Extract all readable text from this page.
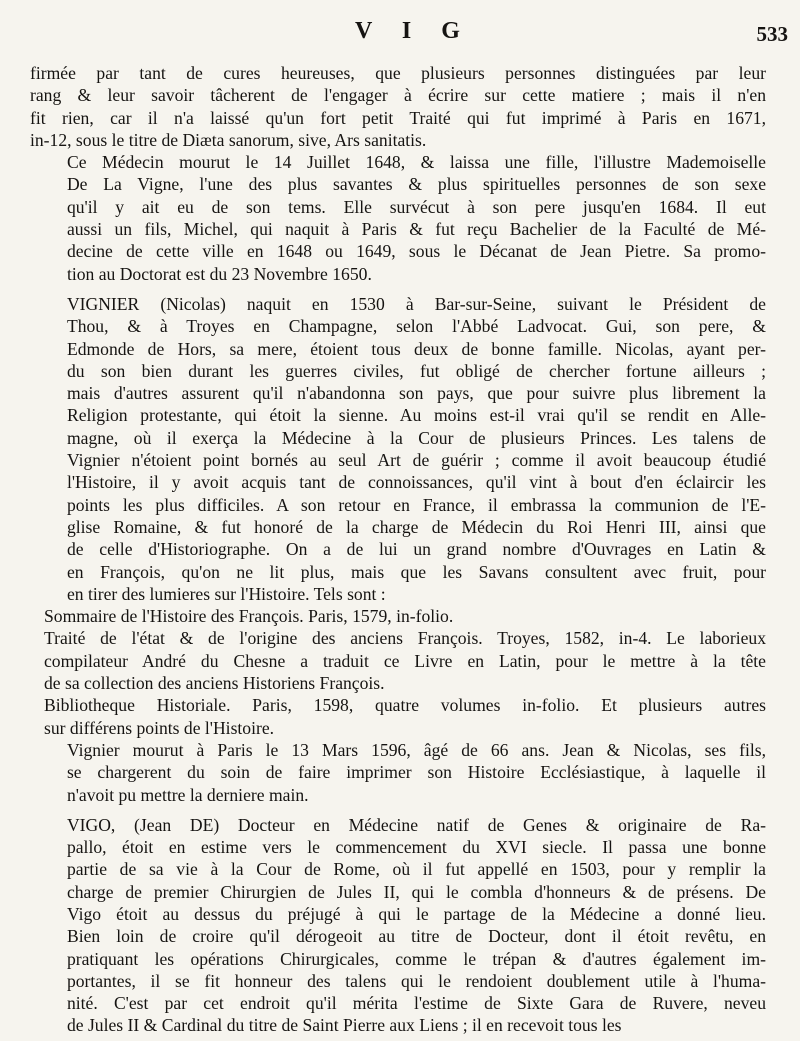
V I G	533

firmée par tant de cures heureuses, que plusieurs personnes distinguées par leur
rang & leur savoir tâcherent de l'engager à écrire sur cette matiere ; mais il n'en
fit rien, car il n'a laissé qu'un fort petit Traité qui fut imprimé à Paris en 1671,
in-12, sous le titre de Diæta sanorum, sive, Ars sanitatis.

Ce Médecin mourut le 14 Juillet 1648, & laissa une fille, l'illustre Mademoiselle
De La Vigne, l'une des plus savantes & plus spirituelles personnes de son sexe
qu'il y ait eu de son tems. Elle survécut à son pere jusqu'en 1684. Il eut
aussi un fils, Michel, qui naquit à Paris & fut reçu Bachelier de la Faculté de Mé-
decine de cette ville en 1648 ou 1649, sous le Décanat de Jean Pietre. Sa promo-
tion au Doctorat est du 23 Novembre 1650.

VIGNIER (Nicolas) naquit en 1530 à Bar-sur-Seine, suivant le Président de
Thou, & à Troyes en Champagne, selon l'Abbé Ladvocat. Gui, son pere, &
Edmonde de Hors, sa mere, étoient tous deux de bonne famille. Nicolas, ayant per-
du son bien durant les guerres civiles, fut obligé de chercher fortune ailleurs ;
mais d'autres assurent qu'il n'abandonna son pays, que pour suivre plus librement la
Religion protestante, qui étoit la sienne. Au moins est-il vrai qu'il se rendit en Alle-
magne, où il exerça la Médecine à la Cour de plusieurs Princes. Les talens de
Vignier n'étoient point bornés au seul Art de guérir ; comme il avoit beaucoup étudié
l'Histoire, il y avoit acquis tant de connoissances, qu'il vint à bout d'en éclaircir les
points les plus difficiles. A son retour en France, il embrassa la communion de l'E-
glise Romaine, & fut honoré de la charge de Médecin du Roi Henri III, ainsi que
de celle d'Historiographe. On a de lui un grand nombre d'Ouvrages en Latin &
en François, qu'on ne lit plus, mais que les Savans consultent avec fruit, pour
en tirer des lumieres sur l'Histoire. Tels sont :

Sommaire de l'Histoire des François. Paris, 1579, in-folio.

Traité de l'état & de l'origine des anciens François. Troyes, 1582, in-4. Le laborieux
compilateur André du Chesne a traduit ce Livre en Latin, pour le mettre à la tête
de sa collection des anciens Historiens François.

Bibliotheque Historiale. Paris, 1598, quatre volumes in-folio. Et plusieurs autres
sur différens points de l'Histoire.

Vignier mourut à Paris le 13 Mars 1596, âgé de 66 ans. Jean & Nicolas, ses fils,
se chargerent du soin de faire imprimer son Histoire Ecclésiastique, à laquelle il
n'avoit pu mettre la derniere main.

VIGO, (Jean DE) Docteur en Médecine natif de Genes & originaire de Ra-
pallo, étoit en estime vers le commencement du XVI siecle. Il passa une bonne
partie de sa vie à la Cour de Rome, où il fut appellé en 1503, pour y remplir la
charge de premier Chirurgien de Jules II, qui le combla d'honneurs & de présens. De
Vigo étoit au dessus du préjugé à qui le partage de la Médecine a donné lieu.
Bien loin de croire qu'il dérogeoit au titre de Docteur, dont il étoit revêtu, en
pratiquant les opérations Chirurgicales, comme le trépan & d'autres également im-
portantes, il se fit honneur des talens qui le rendoient doublement utile à l'huma-
nité. C'est par cet endroit qu'il mérita l'estime de Sixte Gara de Ruvere, neveu
de Jules II & Cardinal du titre de Saint Pierre aux Liens ; il en recevoit tous les
